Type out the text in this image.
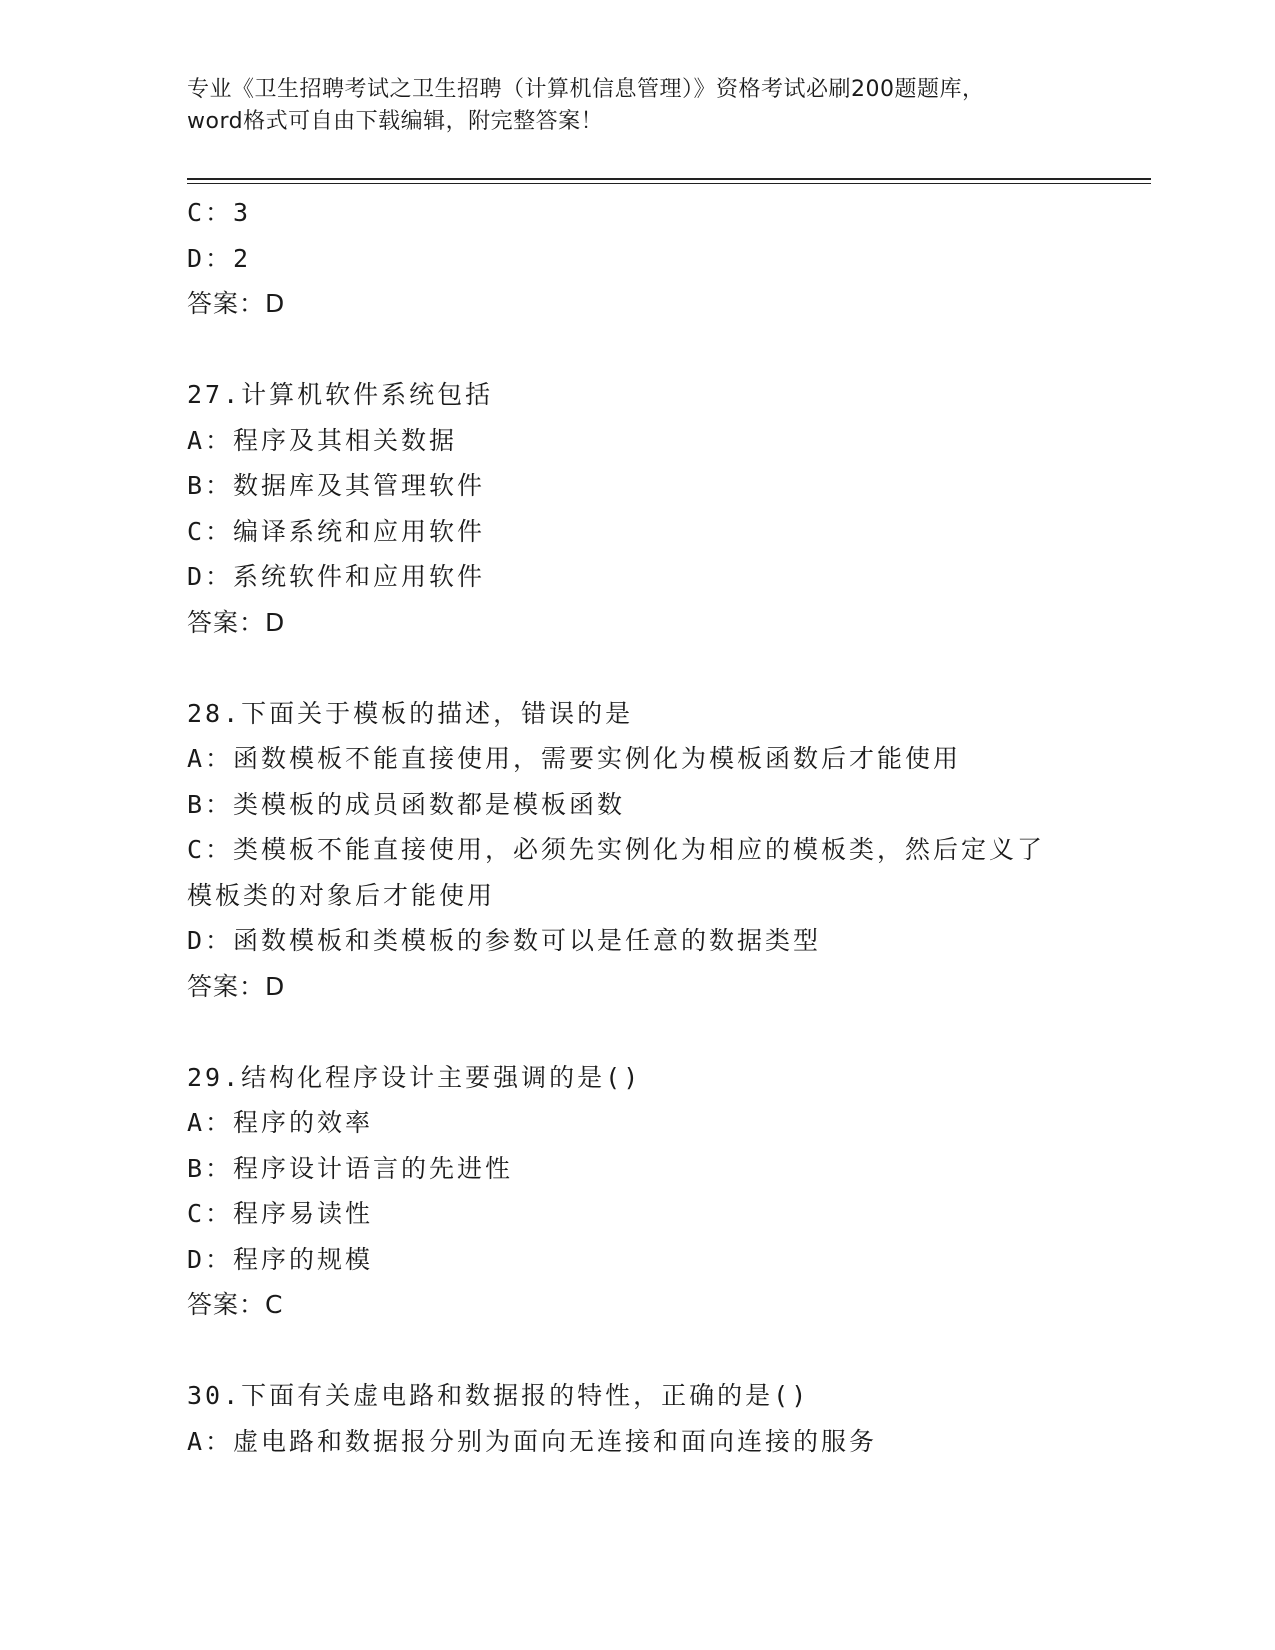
专业《卫生招聘考试之卫生招聘（计算机信息管理）》资格考试必刷200题题库，
word格式可自由下载编辑，附完整答案！
C：3
D：2
答案：D
27.计算机软件系统包括
A：程序及其相关数据
B：数据库及其管理软件
C：编译系统和应用软件
D：系统软件和应用软件
答案：D
28.下面关于模板的描述，错误的是
A：函数模板不能直接使用，需要实例化为模板函数后才能使用
B：类模板的成员函数都是模板函数
C：类模板不能直接使用，必须先实例化为相应的模板类，然后定义了
模板类的对象后才能使用
D：函数模板和类模板的参数可以是任意的数据类型
答案：D
29.结构化程序设计主要强调的是()
A：程序的效率
B：程序设计语言的先进性
C：程序易读性
D：程序的规模
答案：C
30.下面有关虚电路和数据报的特性，正确的是()
A：虚电路和数据报分别为面向无连接和面向连接的服务
